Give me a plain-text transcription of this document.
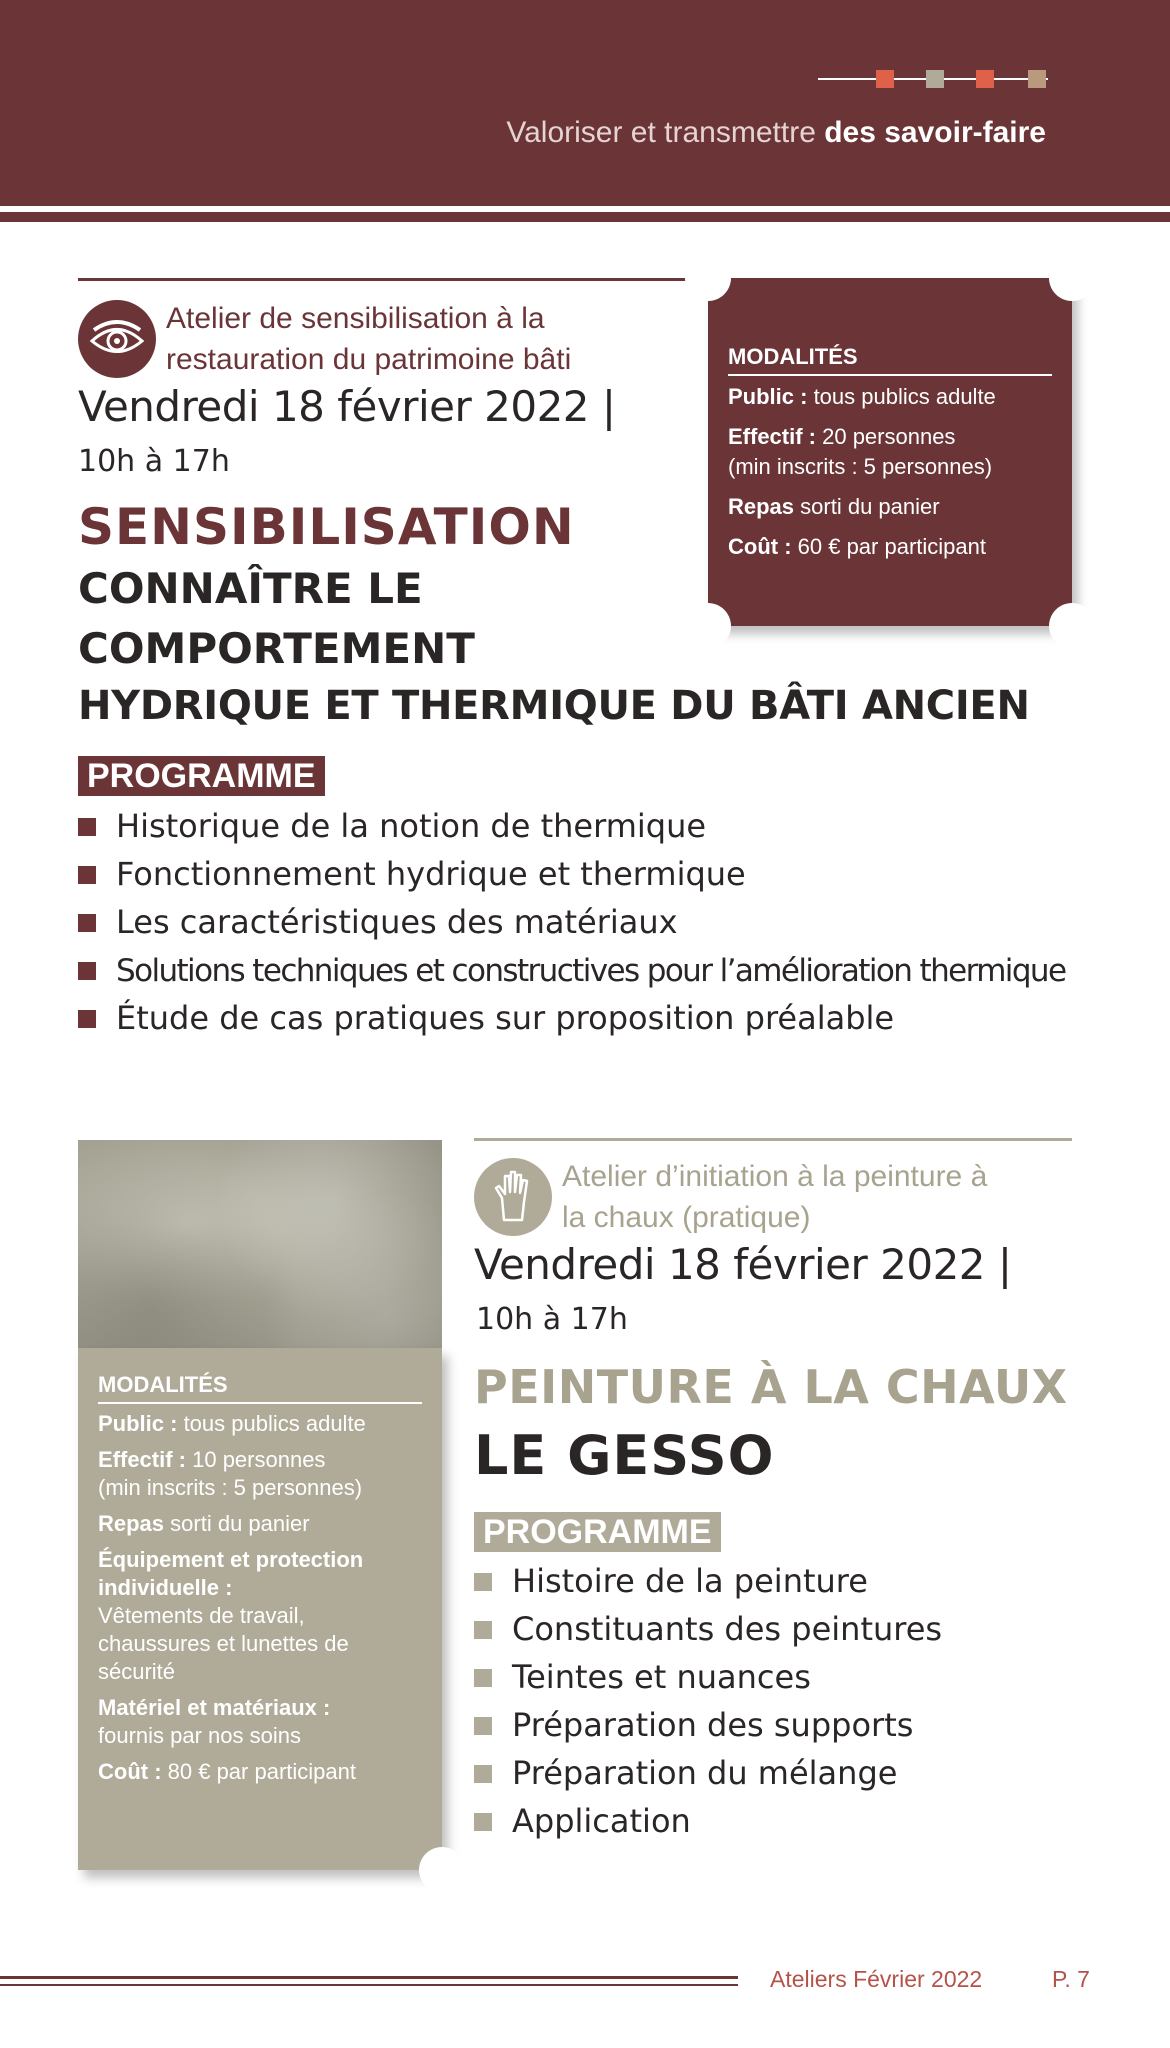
Valoriser et transmettre des savoir-faire
Atelier de sensibilisation à la
restauration du patrimoine bâti
Vendredi 18 février 2022 |
10h à 17h
SENSIBILISATION
CONNAÎTRE LE
COMPORTEMENT
HYDRIQUE ET THERMIQUE DU BÂTI ANCIEN
PROGRAMME
Historique de la notion de thermique
Fonctionnement hydrique et thermique
Les caractéristiques des matériaux
Solutions techniques et constructives pour l’amélioration thermique
Étude de cas pratiques sur proposition préalable
MODALITÉS
Public : tous publics adulte
Effectif : 20 personnes
(min inscrits : 5 personnes)
Repas sorti du panier
Coût : 60 € par participant
MODALITÉS
Public : tous publics adulte
Effectif : 10 personnes
(min inscrits : 5 personnes)
Repas sorti du panier
Équipement et protection individuelle :
Vêtements de travail, chaussures et lunettes de sécurité
Matériel et matériaux :
fournis par nos soins
Coût : 80 € par participant
Atelier d’initiation à la peinture à
la chaux (pratique)
Vendredi 18 février 2022 |
10h à 17h
PEINTURE À LA CHAUX
LE GESSO
PROGRAMME
Histoire de la peinture
Constituants des peintures
Teintes et nuances
Préparation des supports
Préparation du mélange
Application
Ateliers Février 2022	P. 7
